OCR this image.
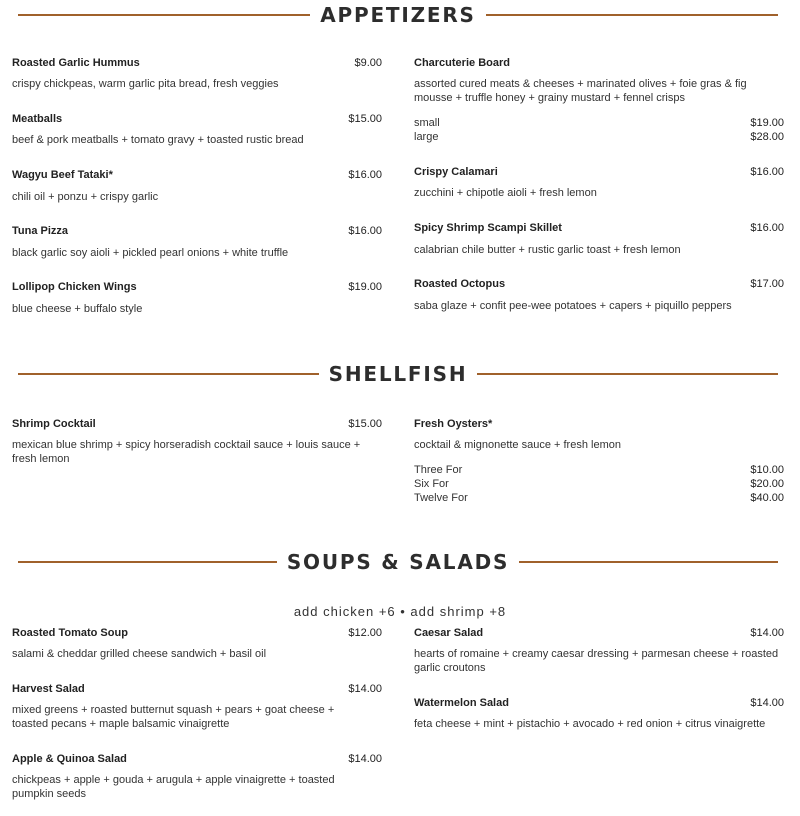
APPETIZERS
Roasted Garlic Hummus	$9.00
crispy chickpeas, warm garlic pita bread, fresh veggies
Meatballs	$15.00
beef & pork meatballs + tomato gravy + toasted rustic bread
Wagyu Beef Tataki*	$16.00
chili oil + ponzu + crispy garlic
Tuna Pizza	$16.00
black garlic soy aioli + pickled pearl onions + white truffle
Lollipop Chicken Wings	$19.00
blue cheese + buffalo style
Charcuterie Board
assorted cured meats & cheeses + marinated olives + foie gras & fig mousse + truffle honey + grainy mustard + fennel crisps
small	$19.00
large	$28.00
Crispy Calamari	$16.00
zucchini + chipotle aioli + fresh lemon
Spicy Shrimp Scampi Skillet	$16.00
calabrian chile butter + rustic garlic toast + fresh lemon
Roasted Octopus	$17.00
saba glaze + confit pee-wee potatoes + capers + piquillo peppers
SHELLFISH
Shrimp Cocktail	$15.00
mexican blue shrimp + spicy horseradish cocktail sauce + louis sauce + fresh lemon
Fresh Oysters*
cocktail & mignonette sauce + fresh lemon
Three For	$10.00
Six For	$20.00
Twelve For	$40.00
SOUPS & SALADS
add chicken +6 • add shrimp +8
Roasted Tomato Soup	$12.00
salami & cheddar grilled cheese sandwich + basil oil
Harvest Salad	$14.00
mixed greens + roasted butternut squash + pears + goat cheese + toasted pecans + maple balsamic vinaigrette
Apple & Quinoa Salad	$14.00
chickpeas + apple + gouda + arugula + apple vinaigrette + toasted pumpkin seeds
Caesar Salad	$14.00
hearts of romaine + creamy caesar dressing + parmesan cheese + roasted garlic croutons
Watermelon Salad	$14.00
feta cheese + mint + pistachio + avocado + red onion + citrus vinaigrette
